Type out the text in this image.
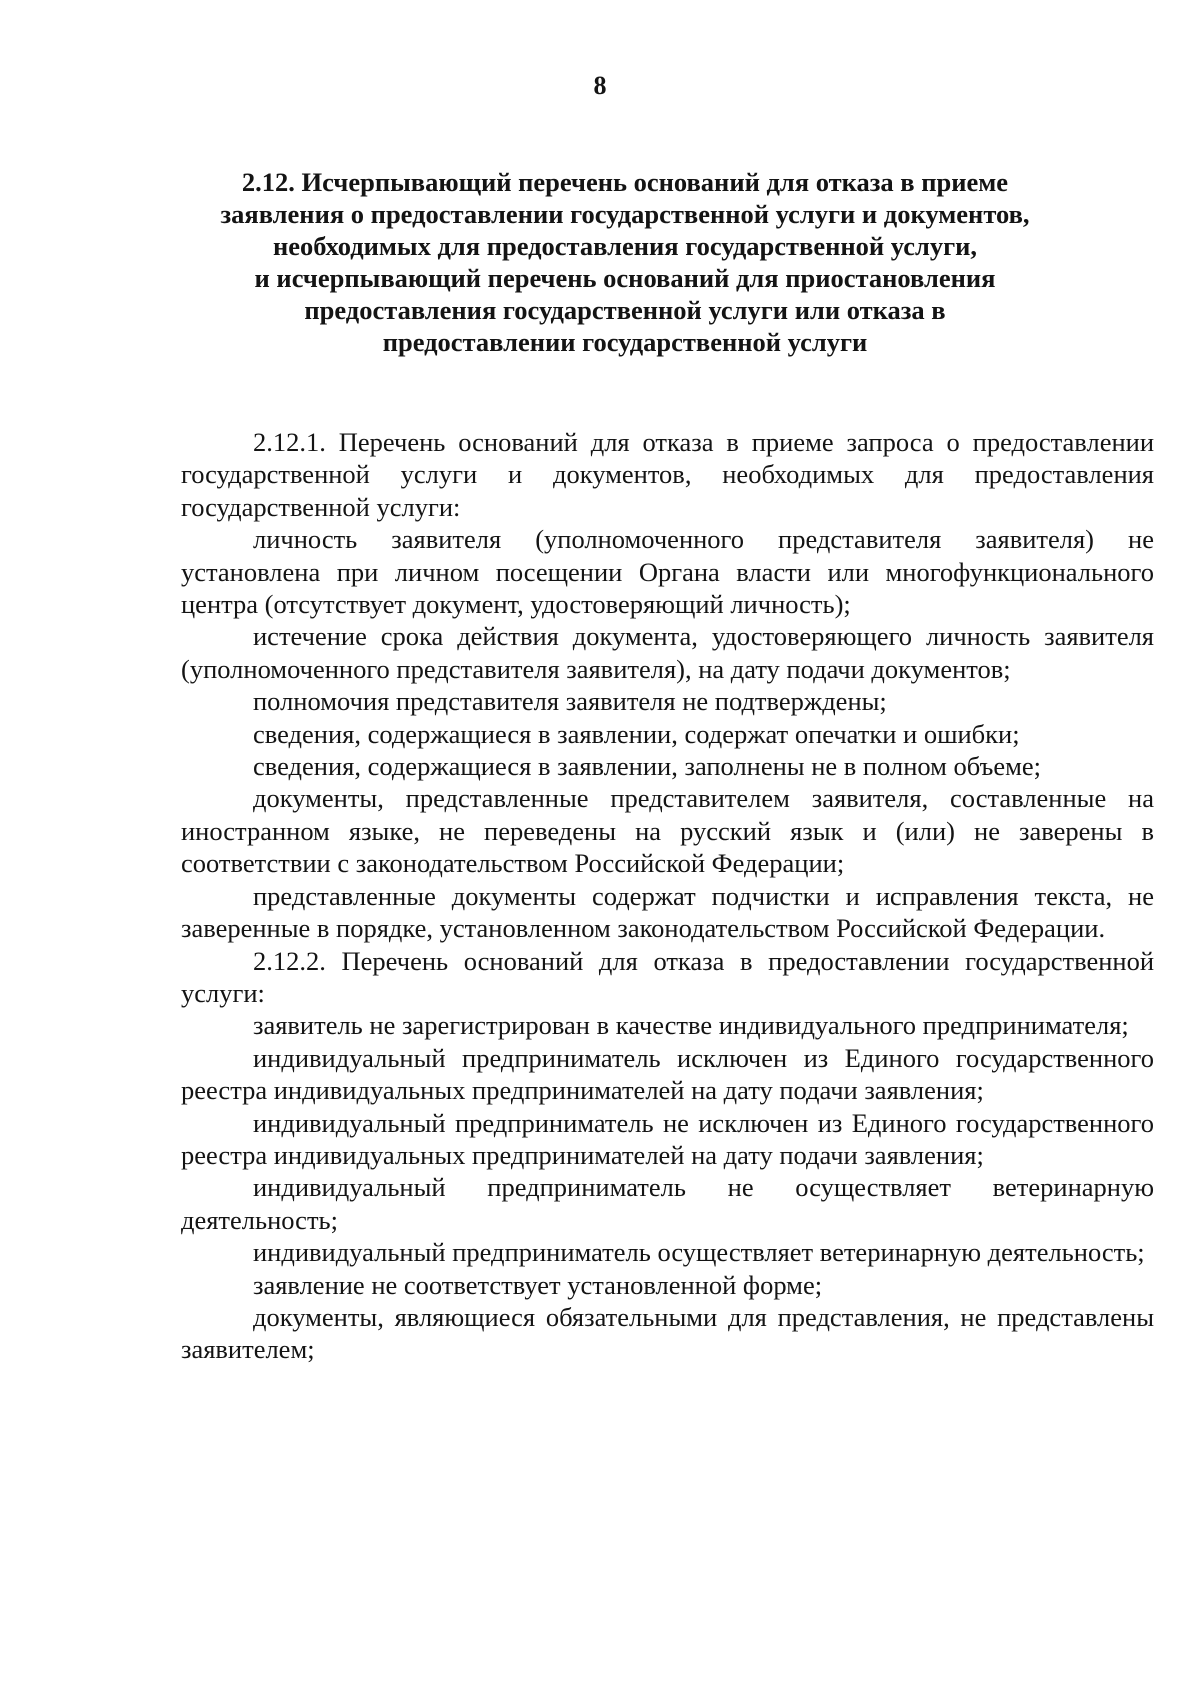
8
2.12. Исчерпывающий перечень оснований для отказа в приеме
заявления о предоставлении государственной услуги и документов,
необходимых для предоставления государственной услуги,
и исчерпывающий перечень оснований для приостановления
предоставления государственной услуги или отказа в
предоставлении государственной услуги

2.12.1. Перечень оснований для отказа в приеме запроса о предоставлении государственной услуги и документов, необходимых для предоставления государственной услуги:

личность заявителя (уполномоченного представителя заявителя) не установлена при личном посещении Органа власти или многофункционального центра (отсутствует документ, удостоверяющий личность);

истечение срока действия документа, удостоверяющего личность заявителя (уполномоченного представителя заявителя), на дату подачи документов;

полномочия представителя заявителя не подтверждены;

сведения, содержащиеся в заявлении, содержат опечатки и ошибки;

сведения, содержащиеся в заявлении, заполнены не в полном объеме;

документы, представленные представителем заявителя, составленные на иностранном языке, не переведены на русский язык и (или) не заверены в соответствии с законодательством Российской Федерации;

представленные документы содержат подчистки и исправления текста, не заверенные в порядке, установленном законодательством Российской Федерации.

2.12.2. Перечень оснований для отказа в предоставлении государственной услуги:

заявитель не зарегистрирован в качестве индивидуального предпринимателя;

индивидуальный предприниматель исключен из Единого государственного реестра индивидуальных предпринимателей на дату подачи заявления;

индивидуальный предприниматель не исключен из Единого государственного реестра индивидуальных предпринимателей на дату подачи заявления;

индивидуальный предприниматель не осуществляет ветеринарную деятельность;

индивидуальный предприниматель осуществляет ветеринарную деятельность;

заявление не соответствует установленной форме;

документы, являющиеся обязательными для представления, не представлены заявителем;
